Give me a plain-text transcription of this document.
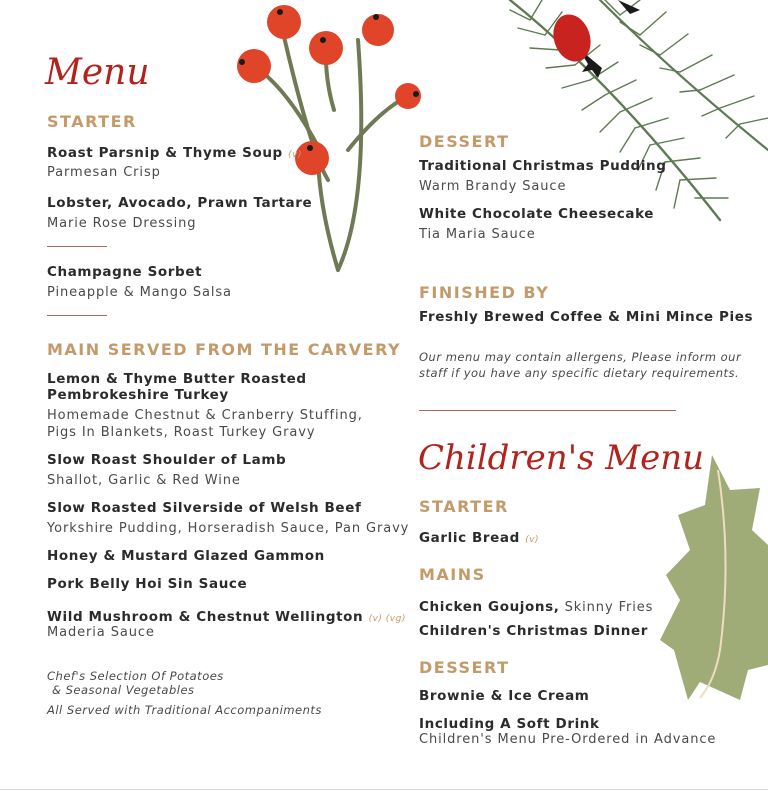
Menu
STARTER
Roast Parsnip & Thyme Soup (v)
Parmesan Crisp
Lobster, Avocado, Prawn Tartare
Marie Rose Dressing
Champagne Sorbet
Pineapple & Mango Salsa
MAIN SERVED FROM THE CARVERY
Lemon & Thyme Butter Roasted
Pembrokeshire Turkey
Homemade Chestnut & Cranberry Stuffing,
Pigs In Blankets, Roast Turkey Gravy
Slow Roast Shoulder of Lamb
Shallot, Garlic & Red Wine
Slow Roasted Silverside of Welsh Beef
Yorkshire Pudding, Horseradish Sauce, Pan Gravy
Honey & Mustard Glazed Gammon
Pork Belly Hoi Sin Sauce
Wild Mushroom & Chestnut Wellington (v) (vg)
Maderia Sauce
Chef's Selection Of Potatoes
& Seasonal Vegetables
All Served with Traditional Accompaniments
DESSERT
Traditional Christmas Pudding
Warm Brandy Sauce
White Chocolate Cheesecake
Tia Maria Sauce
FINISHED BY
Freshly Brewed Coffee & Mini Mince Pies
Our menu may contain allergens, Please inform our
staff if you have any specific dietary requirements.
Children's Menu
STARTER
Garlic Bread (v)
MAINS
Chicken Goujons, Skinny Fries
Children's Christmas Dinner
DESSERT
Brownie & Ice Cream
Including A Soft Drink
Children's Menu Pre-Ordered in Advance
